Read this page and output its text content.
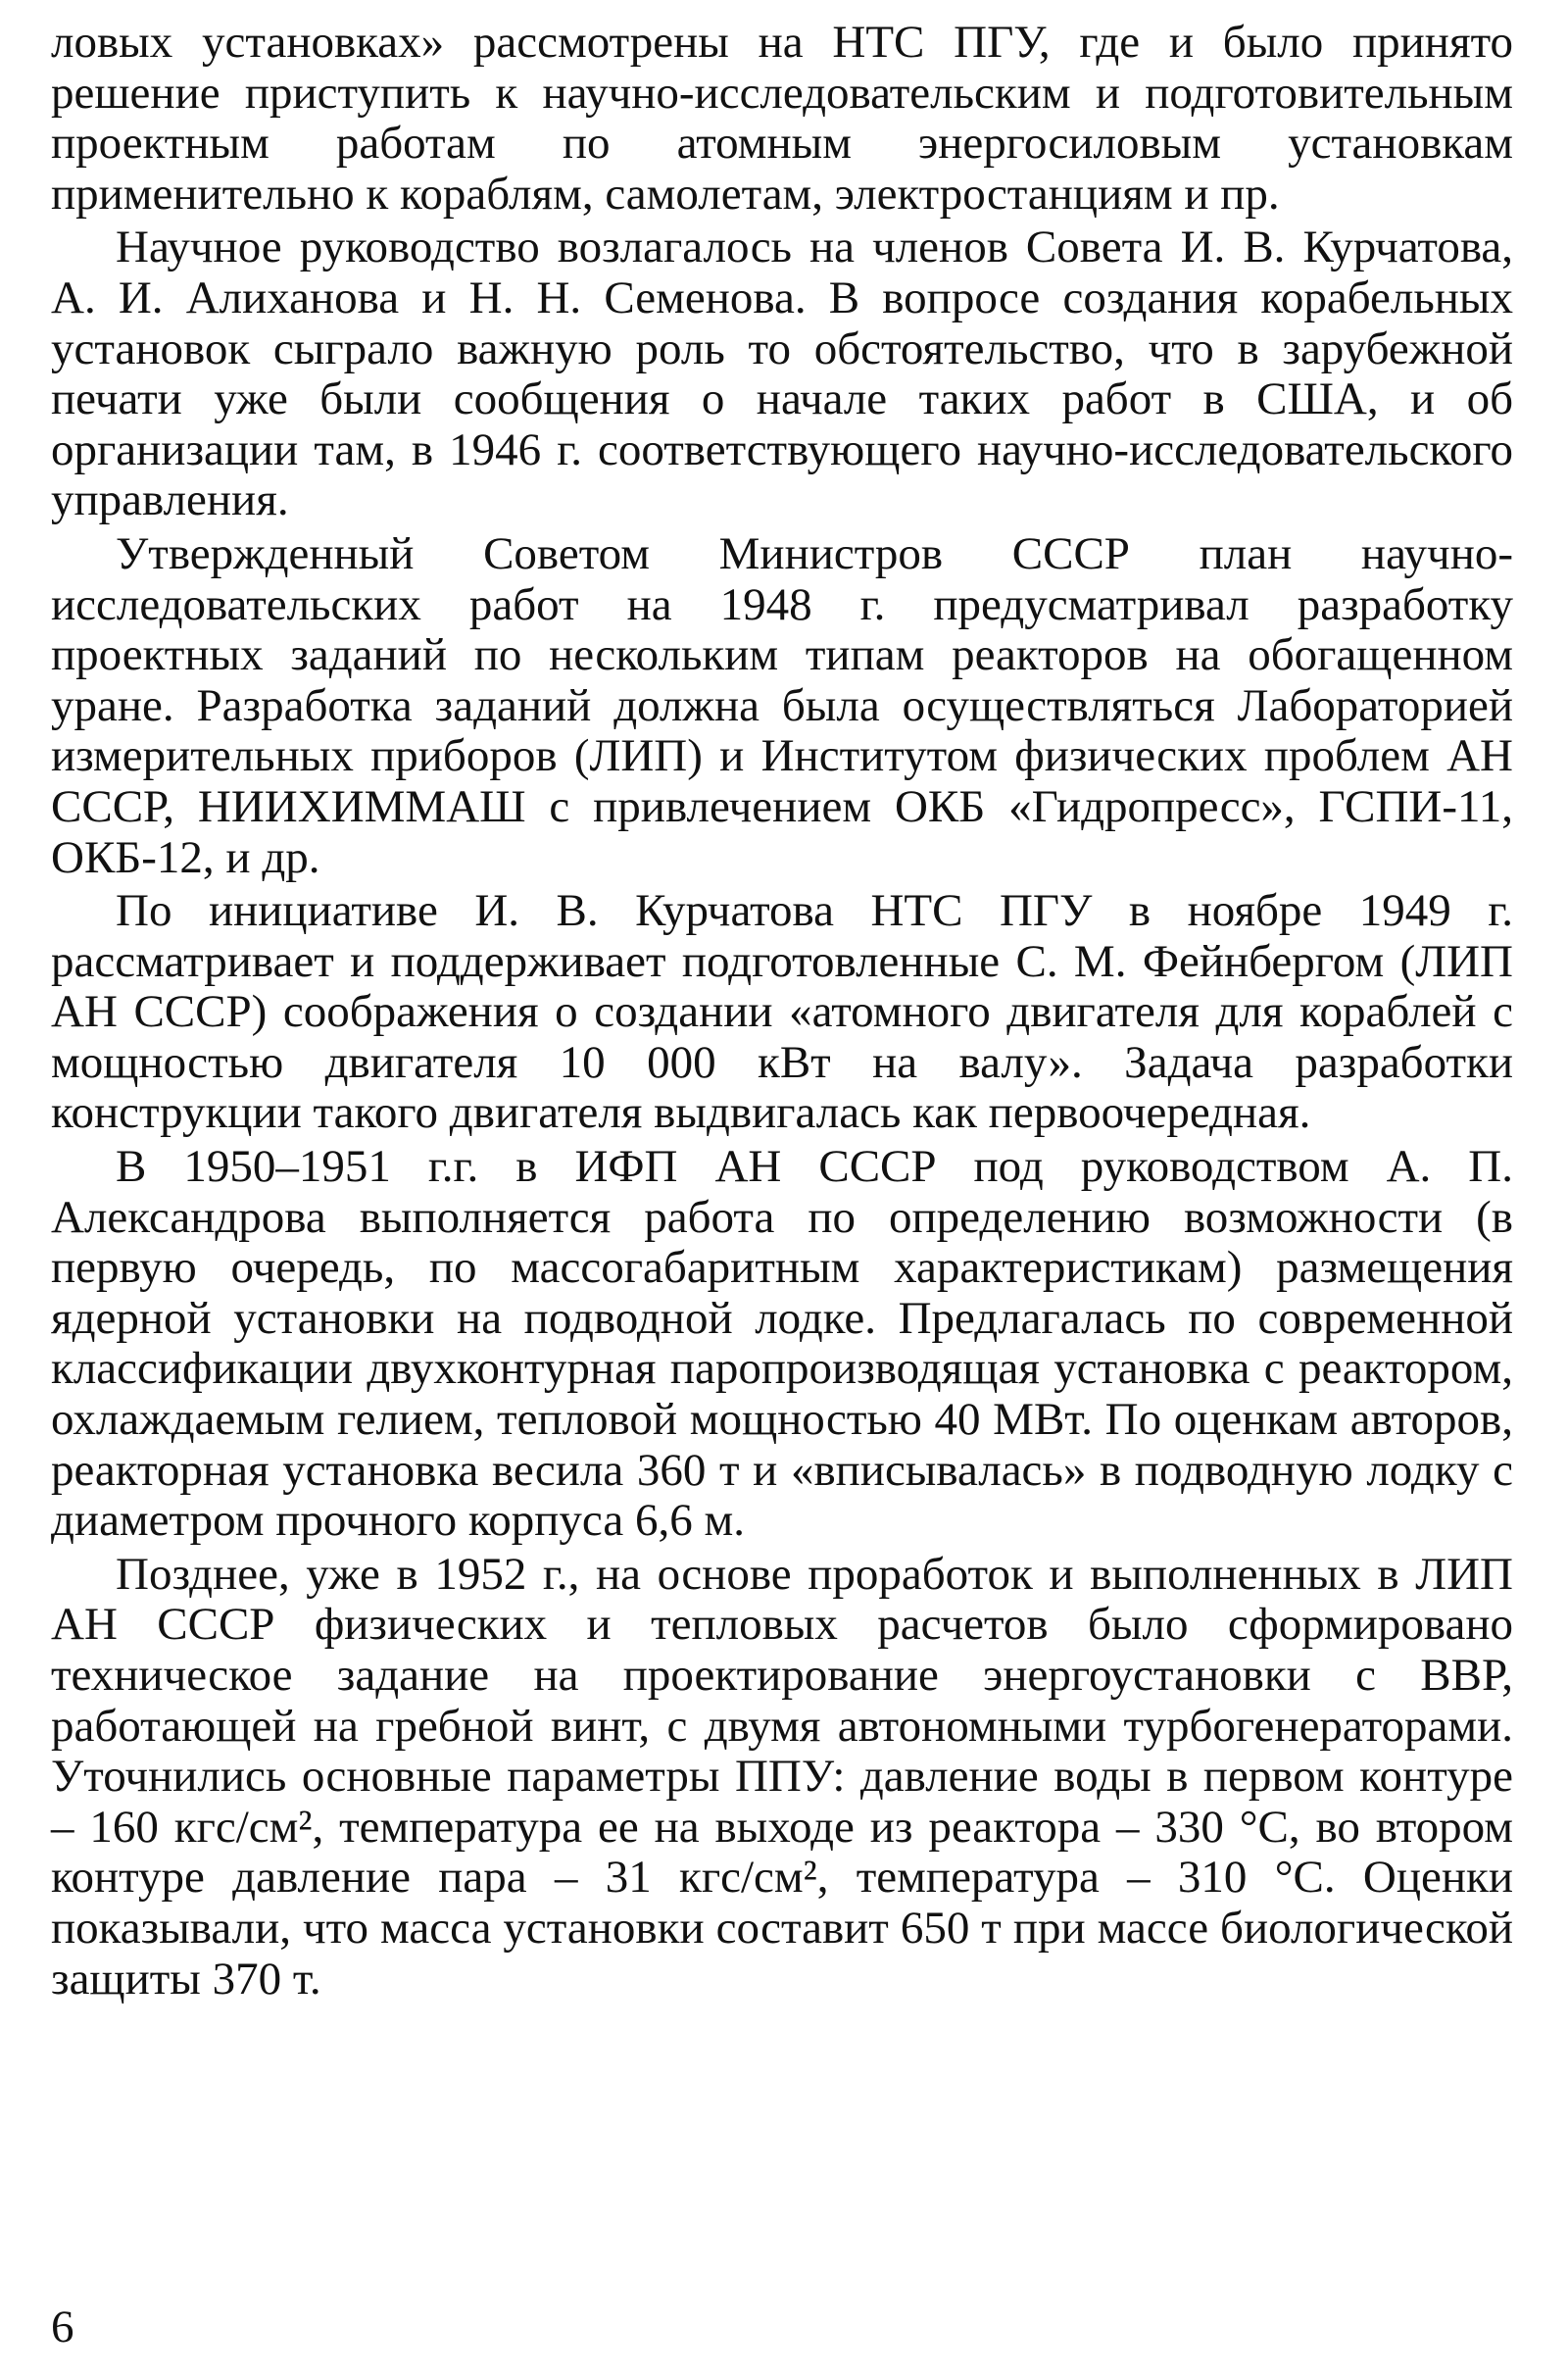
ловых установках» рассмотрены на НТС ПГУ, где и было принято решение приступить к научно-исследовательским и подготовительным проектным работам по атомным энергосиловым установкам применительно к кораблям, самолетам, электростанциям и пр.

Научное руководство возлагалось на членов Совета И. В. Курчатова, А. И. Алиханова и Н. Н. Семенова. В вопросе создания корабельных установок сыграло важную роль то обстоятельство, что в зарубежной печати уже были сообщения о начале таких работ в США, и об организации там, в 1946 г. соответствующего научно-исследовательского управления.

Утвержденный Советом Министров СССР план научно-исследовательских работ на 1948 г. предусматривал разработку проектных заданий по нескольким типам реакторов на обогащенном уране. Разработка заданий должна была осуществляться Лабораторией измерительных приборов (ЛИП) и Институтом физических проблем АН СССР, НИИХИММАШ с привлечением ОКБ «Гидропресс», ГСПИ-11, ОКБ-12, и др.

По инициативе И. В. Курчатова НТС ПГУ в ноябре 1949 г. рассматривает и поддерживает подготовленные С. М. Фейнбергом (ЛИП АН СССР) соображения о создании «атомного двигателя для кораблей с мощностью двигателя 10 000 кВт на валу». Задача разработки конструкции такого двигателя выдвигалась как первоочередная.

В 1950–1951 г.г. в ИФП АН СССР под руководством А. П. Александрова выполняется работа по определению возможности (в первую очередь, по массогабаритным характеристикам) размещения ядерной установки на подводной лодке. Предлагалась по современной классификации двухконтурная паропроизводящая установка с реактором, охлаждаемым гелием, тепловой мощностью 40 МВт. По оценкам авторов, реакторная установка весила 360 т и «вписывалась» в подводную лодку с диаметром прочного корпуса 6,6 м.

Позднее, уже в 1952 г., на основе проработок и выполненных в ЛИП АН СССР физических и тепловых расчетов было сформировано техническое задание на проектирование энергоустановки с ВВР, работающей на гребной винт, с двумя автономными турбогенераторами. Уточнились основные параметры ППУ: давление воды в первом контуре – 160 кгс/см², температура ее на выходе из реактора – 330 °С, во втором контуре давление пара – 31 кгс/см², температура – 310 °С. Оценки показывали, что масса установки составит 650 т при массе биологической защиты 370 т.

6
